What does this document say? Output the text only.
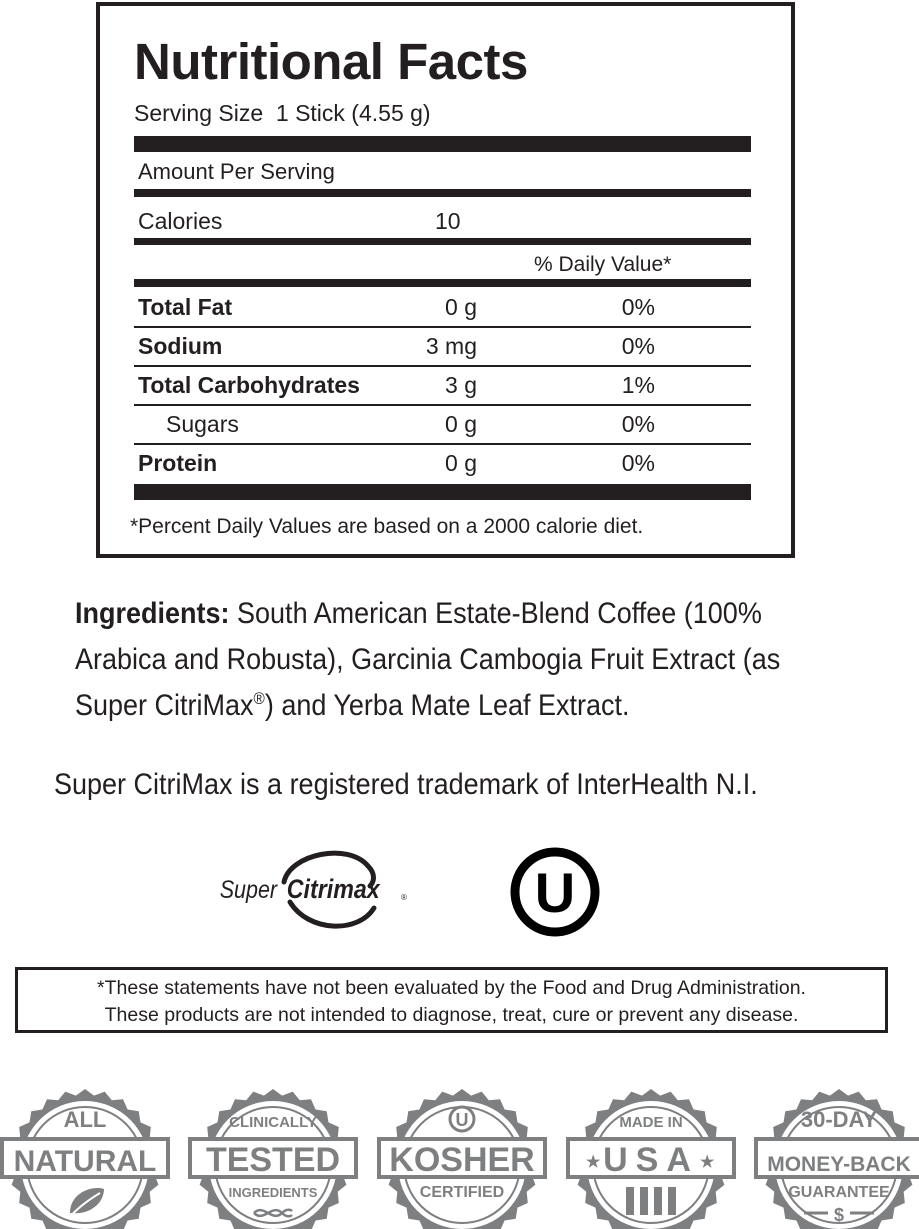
Nutritional Facts
Serving Size  1 Stick (4.55 g)
Amount Per Serving
Calories	10
% Daily Value*
Total Fat	0 g	0%
Sodium	3 mg	0%
Total Carbohydrates	3 g	1%
Sugars	0 g	0%
Protein	0 g	0%
*Percent Daily Values are based on a 2000 calorie diet.
Ingredients: South American Estate-Blend Coffee (100% Arabica and Robusta), Garcinia Cambogia Fruit Extract (as Super CitriMax®) and Yerba Mate Leaf Extract.
Super CitriMax is a registered trademark of InterHealth N.I.
Super Citrimax	® U
*These statements have not been evaluated by the Food and Drug Administration.
These products are not intended to diagnose, treat, cure or prevent any disease.
NATURAL
ALL
TESTED
CLINICALLY
INGREDIENTS
KOSHER
U
CERTIFIED
USA
MADE IN
★	★	MONEY-BACK
30-DAY
GUARANTEE
$
